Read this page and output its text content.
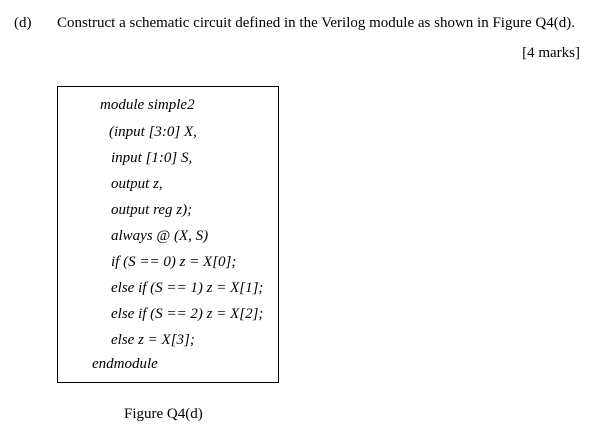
(d) Construct a schematic circuit defined in the Verilog module as shown in Figure Q4(d).
[4 marks]
module simple2
(input [3:0] X,
input [1:0] S,
output z,
output reg z);
always @ (X, S)
if (S == 0) z = X[0];
else if (S == 1) z = X[1];
else if (S == 2) z = X[2];
else z = X[3];
endmodule
Figure Q4(d)
